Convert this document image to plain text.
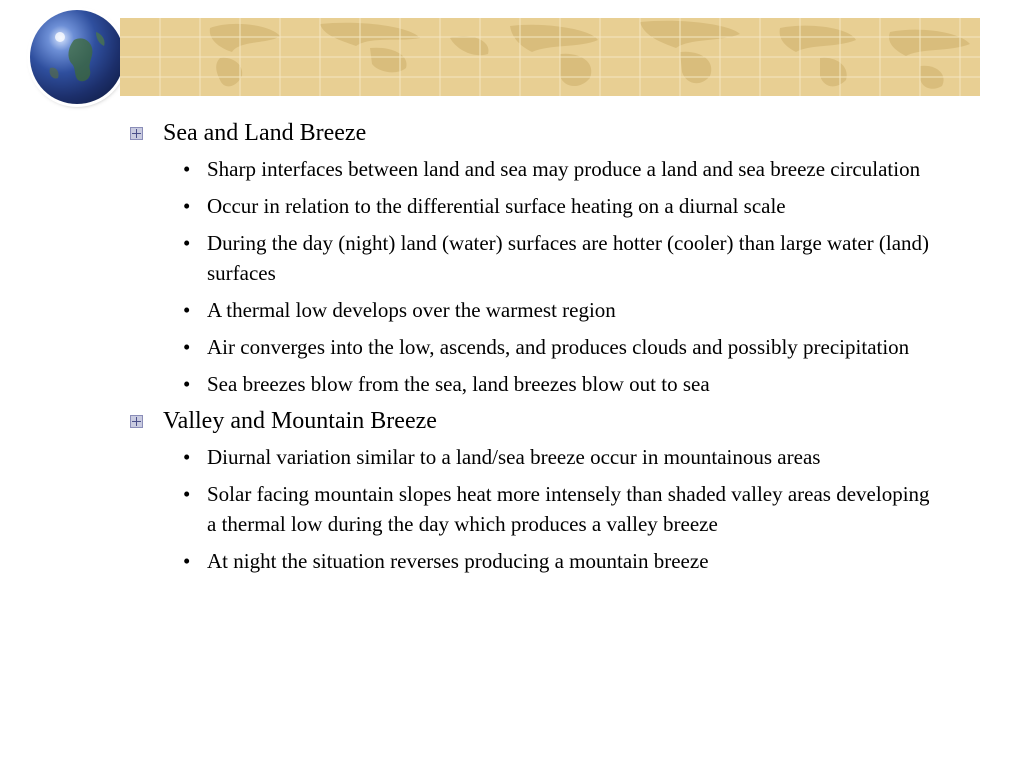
Sea and Land Breeze
• Sharp interfaces between land and sea may produce a land and sea breeze circulation
• Occur in relation to the differential surface heating on a diurnal scale
• During the day (night) land (water) surfaces are hotter (cooler) than large water (land) surfaces
• A thermal low develops over the warmest region
• Air converges into the low, ascends, and produces clouds and possibly precipitation
• Sea breezes blow from the sea, land breezes blow out to sea
Valley and Mountain Breeze
• Diurnal variation similar to a land/sea breeze occur in mountainous areas
• Solar facing mountain slopes heat more intensely than shaded valley areas developing a thermal low during the day which produces a valley breeze
• At night the situation reverses producing a mountain breeze
